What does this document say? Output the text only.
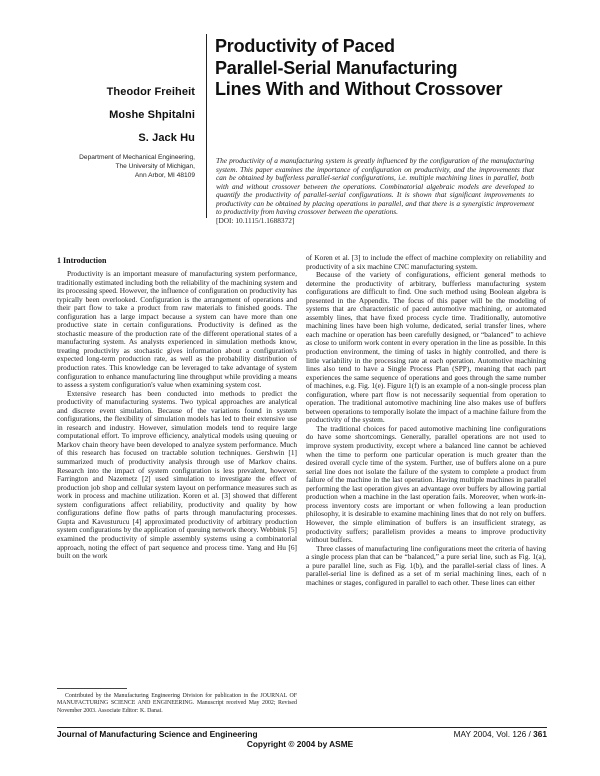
Theodor Freiheit
Moshe Shpitalni
S. Jack Hu
Department of Mechanical Engineering,
The University of Michigan,
Ann Arbor, MI 48109
Productivity of Paced
Parallel-Serial Manufacturing
Lines With and Without Crossover
The productivity of a manufacturing system is greatly influenced by the configuration of the manufacturing system. This paper examines the importance of configuration on productivity, and the improvements that can be obtained by bufferless parallel-serial configurations, i.e. multiple machining lines in parallel, both with and without crossover between the operations. Combinatorial algebraic models are developed to quantify the productivity of parallel-serial configurations. It is shown that significant improvements to productivity can be obtained by placing operations in parallel, and that there is a synergistic improvement to productivity from having crossover between the operations.
[DOI: 10.1115/1.1688372]
1 Introduction

Productivity is an important measure of manufacturing system performance, traditionally estimated including both the reliability of the machining system and its processing speed. However, the influence of configuration on productivity has typically been overlooked. Configuration is the arrangement of operations and their part flow to take a product from raw materials to finished goods. The configuration has a large impact because a system can have more than one productive state in certain configurations. Productivity is defined as the stochastic measure of the production rate of the different operational states of a manufacturing system. As analysts experienced in simulation methods know, treating productivity as stochastic gives information about a configuration's expected long-term production rate, as well as the probability distribution of production rates. This knowledge can be leveraged to take advantage of system configuration to enhance manufacturing line throughput while providing a means to assess a system configuration's value when examining system cost.

Extensive research has been conducted into methods to predict the productivity of manufacturing systems. Two typical approaches are analytical and discrete event simulation. Because of the variations found in system configurations, the flexibility of simulation models has led to their extensive use in research and industry. However, simulation models tend to require large computational effort. To improve efficiency, analytical models using queuing or Markov chain theory have been developed to analyze system performance. Much of this research has focused on tractable solution techniques. Gershwin [1] summarized much of productivity analysis through use of Markov chains. Research into the impact of system configuration is less prevalent, however. Farrington and Nazemetz [2] used simulation to investigate the effect of production job shop and cellular system layout on performance measures such as work in process and machine utilization. Koren et al. [3] showed that different system configurations affect reliability, productivity and quality by how configurations define flow paths of parts through manufacturing processes. Gupta and Kavusturucu [4] approximated productivity of arbitrary production system configurations by the application of queuing network theory. Webbink [5] examined the productivity of simple assembly systems using a combinatorial approach, noting the effect of part sequence and process time. Yang and Hu [6] built on the work

of Koren et al. [3] to include the effect of machine complexity on reliability and productivity of a six machine CNC manufacturing system.

Because of the variety of configurations, efficient general methods to determine the productivity of arbitrary, bufferless manufacturing system configurations are difficult to find. One such method using Boolean algebra is presented in the Appendix. The focus of this paper will be the modeling of systems that are characteristic of paced automotive machining, or automated assembly lines, that have fixed process cycle time. Traditionally, automotive machining lines have been high volume, dedicated, serial transfer lines, where each machine or operation has been carefully designed, or “balanced” to achieve as close to uniform work content in every operation in the line as possible. In this production environment, the timing of tasks in highly controlled, and there is little variability in the processing rate at each operation. Automotive machining lines also tend to have a Single Process Plan (SPP), meaning that each part experiences the same sequence of operations and goes through the same number of machines, e.g. Fig. 1(e). Figure 1(f) is an example of a non-single process plan configuration, where part flow is not necessarily sequential from operation to operation. The traditional automotive machining line also makes use of buffers between operations to temporally isolate the impact of a machine failure from the productivity of the system.

The traditional choices for paced automotive machining line configurations do have some shortcomings. Generally, parallel operations are not used to improve system productivity, except where a balanced line cannot be achieved when the time to perform one particular operation is much greater than the desired overall cycle time of the system. Further, use of buffers alone on a pure serial line does not isolate the failure of the system to complete a product from failure of the machine in the last operation. Having multiple machines in parallel performing the last operation gives an advantage over buffers by allowing partial production when a machine in the last operation fails. Moreover, when work-in-process inventory costs are important or when following a lean production philosophy, it is desirable to examine machining lines that do not rely on buffers. However, the simple elimination of buffers is an insufficient strategy, as productivity suffers; parallelism provides a means to improve productivity without buffers.

Three classes of manufacturing line configurations meet the criteria of having a single process plan that can be “balanced,” a pure serial line, such as Fig. 1(a), a pure parallel line, such as Fig. 1(b), and the parallel-serial class of lines. A parallel-serial line is defined as a set of m serial machining lines, each of n machines or stages, configured in parallel to each other. These lines can either

Contributed by the Manufacturing Engineering Division for publication in the JOURNAL OF MANUFACTURING SCIENCE AND ENGINEERING. Manuscript received May 2002; Revised November 2003. Associate Editor: K. Danai.

Journal of Manufacturing Science and Engineering	MAY 2004, Vol. 126 / 361
Copyright © 2004 by ASME
